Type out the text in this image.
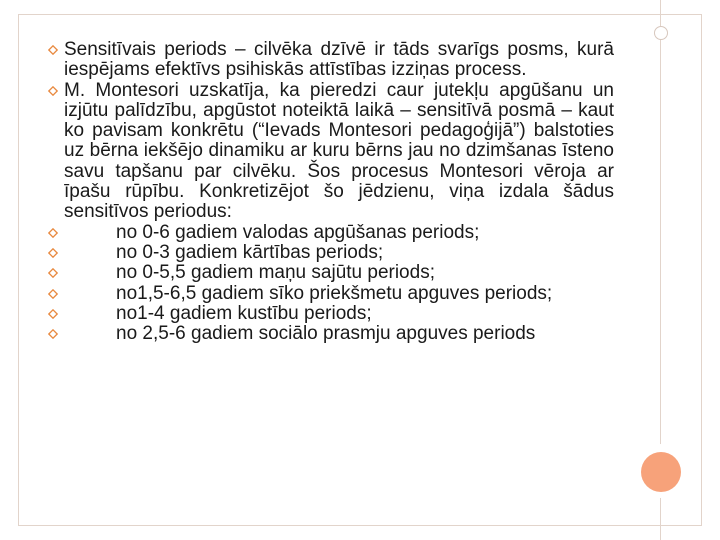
Sensitīvais periods – cilvēka dzīvē ir tāds svarīgs posms, kurā iespējams efektīvs psihiskās attīstības izziņas process.
M. Montesori uzskatīja, ka pieredzi caur jutekļu apgūšanu un izjūtu palīdzību, apgūstot noteiktā laikā – sensitīvā posmā – kaut ko pavisam konkrētu (“Ievads Montesori pedagoģijā”) balstoties uz bērna iekšējo dinamiku ar kuru bērns jau no dzimšanas īsteno savu tapšanu par cilvēku. Šos procesus Montesori vēroja ar īpašu rūpību. Konkretizējot šo jēdzienu, viņa izdala šādus sensitīvos periodus:
no 0-6 gadiem valodas apgūšanas periods;
no 0-3 gadiem kārtības periods;
no 0-5,5 gadiem maņu sajūtu periods;
no1,5-6,5 gadiem sīko priekšmetu apguves periods;
no1-4 gadiem kustību periods;
no 2,5-6 gadiem sociālo prasmju apguves periods
